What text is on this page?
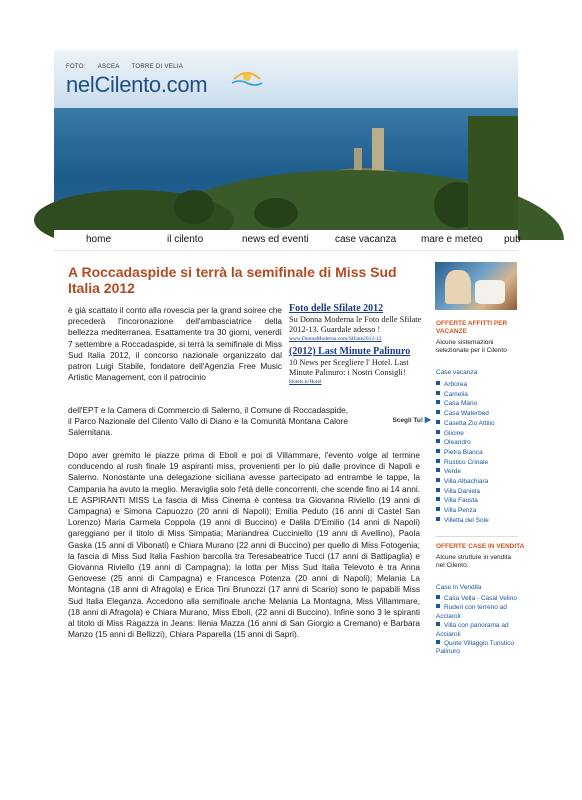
FOTO: ASCEA TORRE DI VELIA
nelCilento.com
home	il cilento	news ed eventi	case vacanza mare e meteo pub
A Roccadaspide si terrà la semifinale di Miss Sud Italia 2012
è già scattato il conto alla rovescia per la grand soiree che precederà l'incoronazione dell'ambasciatrice della bellezza mediterranea. Esattamente tra 30 giorni, venerdì 7 settembre a Roccadaspide, si terrà la semifinale di Miss Sud Italia 2012, il concorso nazionale organizzato dal patron Luigi Stabile, fondatore dell'Agenzia Free Music Artistic Management, con il patrocinio
dell'EPT e la Camera di Commercio di Salerno, il Comune di Roccadaspide, il Parco Nazionale del Cilento Vallo di Diano e la Comunità Montana Calore Salernitana.
Dopo aver gremito le piazze prima di Eboli e poi di Villammare, l'evento volge al termine conducendo al rush finale 19 aspiranti miss, provenienti per lo più dalle province di Napoli e Salerno. Nonostante una delegazione siciliana avesse partecipato ad entrambe le tappe, la Campania ha avuto la meglio. Meraviglia solo l'età delle concorrenti, che scende fino ai 14 anni. LE ASPIRANTI MISS La fascia di Miss Cinema è contesa tra Giovanna Riviello (19 anni di Campagna) e Simona Capuozzo (20 anni di Napoli); Emilia Peduto (16 anni di Castel San Lorenzo) Maria Carmela Coppola (19 anni di Buccino) e Dalila D'Emilio (14 anni di Napoli) gareggiano per il titolo di Miss Simpatia; Mariandrea Cucciniello (19 anni di Avellino), Paola Gaska (15 anni di Vibonati) e Chiara Murano (22 anni di Buccino) per quello di Miss Fotogenia; la fascia di Miss Sud Italia Fashion barcolla tra Teresabeatrice Tucci (17 anni di Battipaglia) e Giovanna Riviello (19 anni di Campagna); la lotta per Miss Sud Italia Televoto è tra Anna Genovese (25 anni di Campagna) e Francesca Potenza (20 anni di Napoli); Melania La Montagna (18 anni di Afragola) e Erica Tini Brunozzi (17 anni di Scario) sono le papabili Miss Sud Italia Eleganza. Accedono alla semifinale anche Melania La Montagna, Miss Villammare, (18 anni di Afragola) e Chiara Murano, Miss Eboli, (22 anni di Buccino). Infine sono 3 le spiranti al titolo di Miss Ragazza in Jeans: Ilenia Mazza (16 anni di San Giorgio a Cremano) e Barbara Manzo (15 anni di Bellizzi), Chiara Paparella (15 anni di Sapri).
Foto delle Sfilate 2012
Su Donna Moderna le Foto delle Sfilate 2012-13. Guardale adesso !
www.DonnaModerna.com/Sfilate2012-13
(2012) Last Minute Palinuro
10 News per Scegliere l' Hotel. Last Minute Palinuro: i Nostri Consigli!
Hotels.it/Hotel
Scegli Tu! ▶
OFFERTE AFFITTI PER VACANZE
Alcune sistemazioni selezionate per il Cilento
Case vacanza
Arborea
Camelia
Casa Mario
Casa Waterbed
Casetta Zio Attilio
Glicine
Oleandro
Pietra Bianca
Rustico Crinale
Verde
Villa Albachiara
Villa Daniela
Villa Fausta
Villa Penza
Villetta del Sole
OFFERTE CASE IN VENDITA
Alcune strutture in vendita nel Cilento.
Case in Vendita
Casa Vella - Casal Velino
Ruderi con terreno ad Acciaroli
Villa con panorama ad Acciaroli
Quote Villaggio Turistico Palinuro
